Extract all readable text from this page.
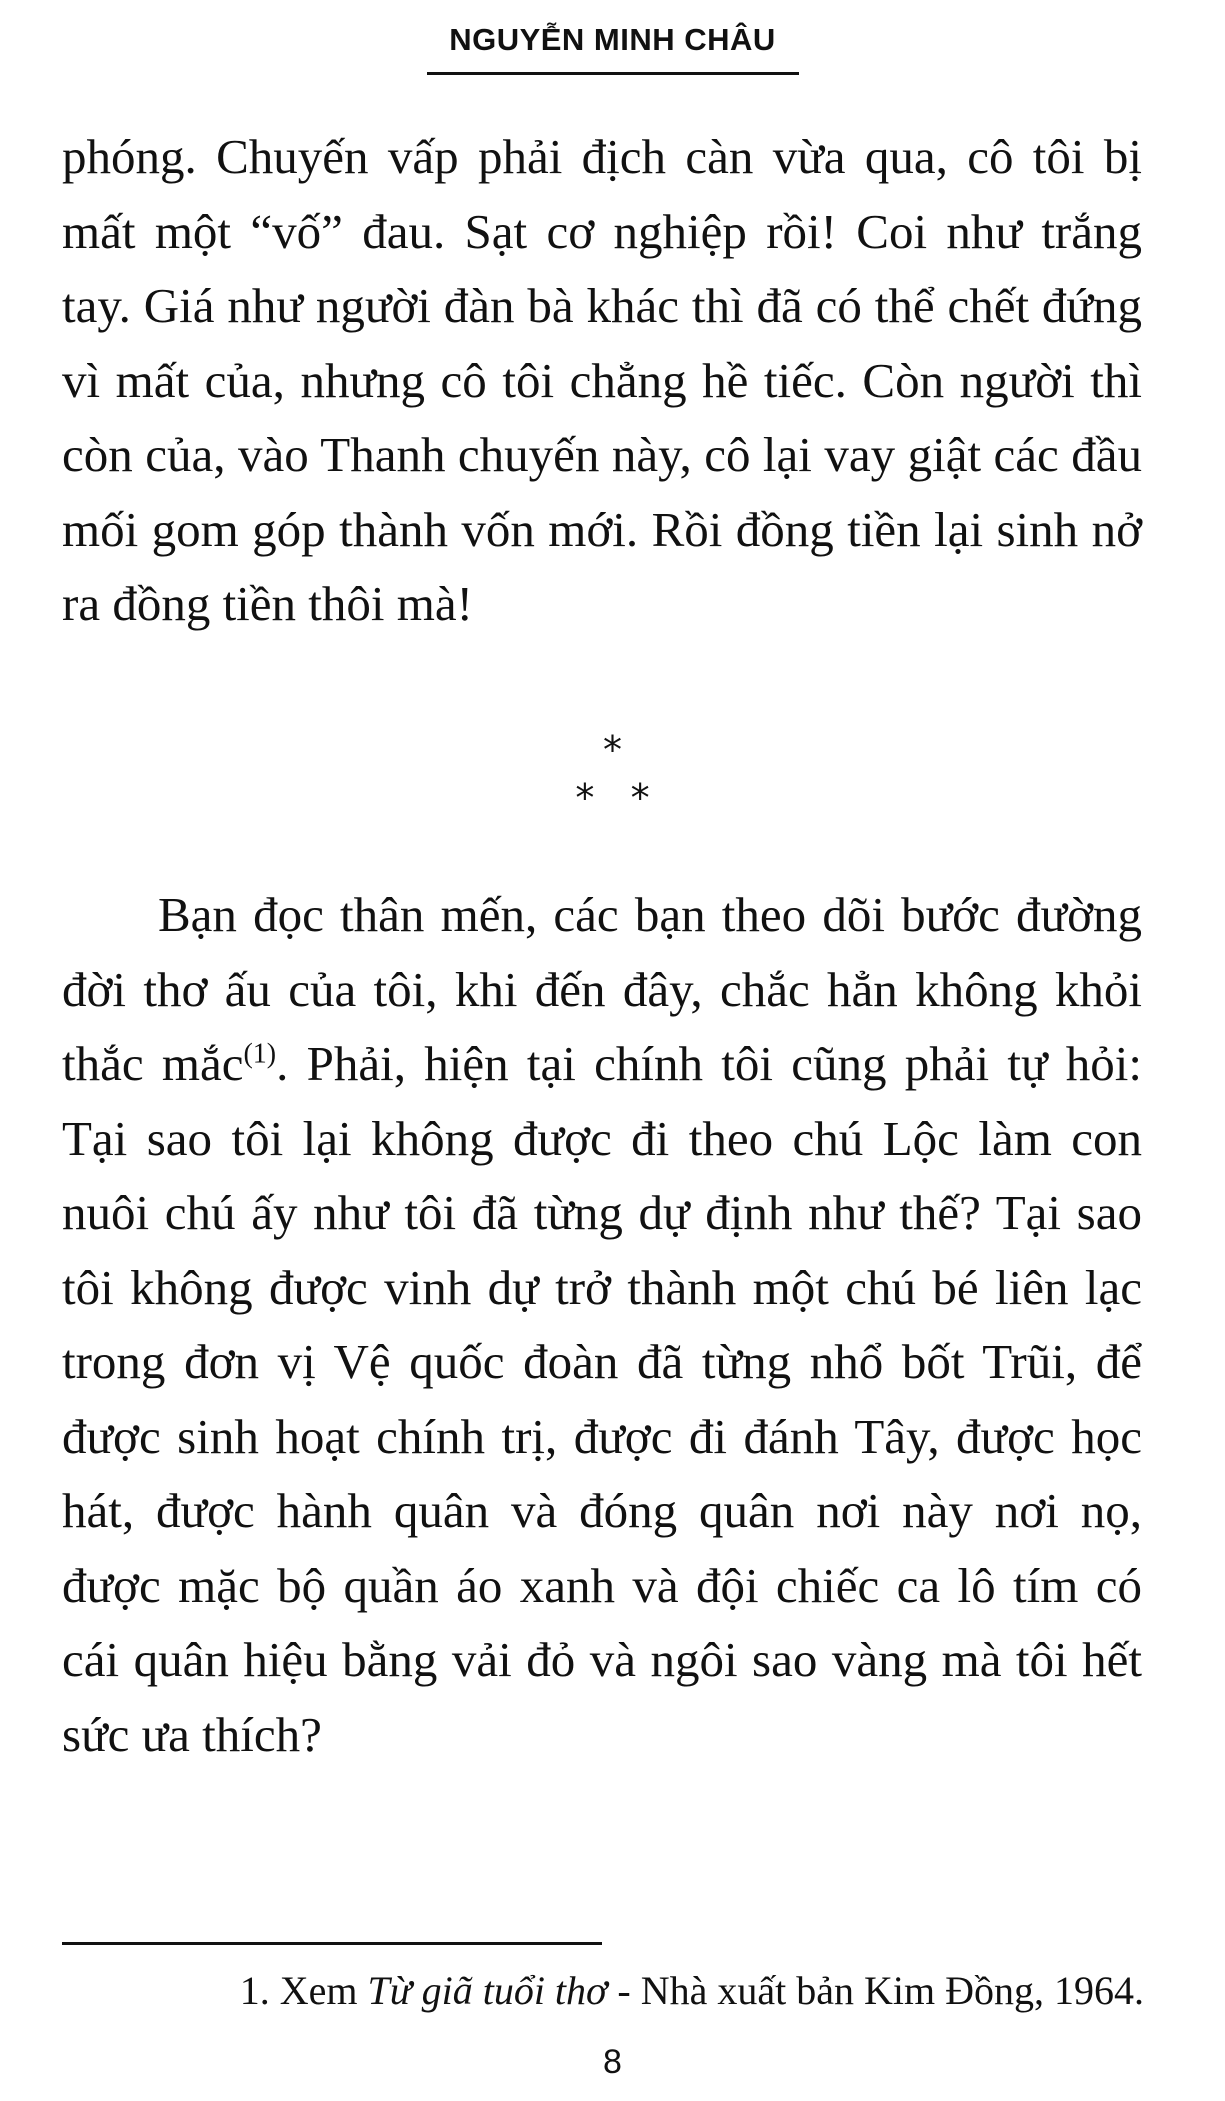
NGUYỄN MINH CHÂU

phóng. Chuyến vấp phải địch càn vừa qua, cô tôi bị mất một “vố” đau. Sạt cơ nghiệp rồi! Coi như trắng tay. Giá như người đàn bà khác thì đã có thể chết đứng vì mất của, nhưng cô tôi chẳng hề tiếc. Còn người thì còn của, vào Thanh chuyến này, cô lại vay giật các đầu mối gom góp thành vốn mới. Rồi đồng tiền lại sinh nở ra đồng tiền thôi mà!

*
*   *

Bạn đọc thân mến, các bạn theo dõi bước đường đời thơ ấu của tôi, khi đến đây, chắc hẳn không khỏi thắc mắc$^{(1)}$. Phải, hiện tại chính tôi cũng phải tự hỏi: Tại sao tôi lại không được đi theo chú Lộc làm con nuôi chú ấy như tôi đã từng dự định như thế? Tại sao tôi không được vinh dự trở thành một chú bé liên lạc trong đơn vị Vệ quốc đoàn đã từng nhổ bốt Trũi, để được sinh hoạt chính trị, được đi đánh Tây, được học hát, được hành quân và đóng quân nơi này nơi nọ, được mặc bộ quần áo xanh và đội chiếc ca lô tím có cái quân hiệu bằng vải đỏ và ngôi sao vàng mà tôi hết sức ưa thích?

1. Xem Từ giã tuổi thơ - Nhà xuất bản Kim Đồng, 1964.
8
